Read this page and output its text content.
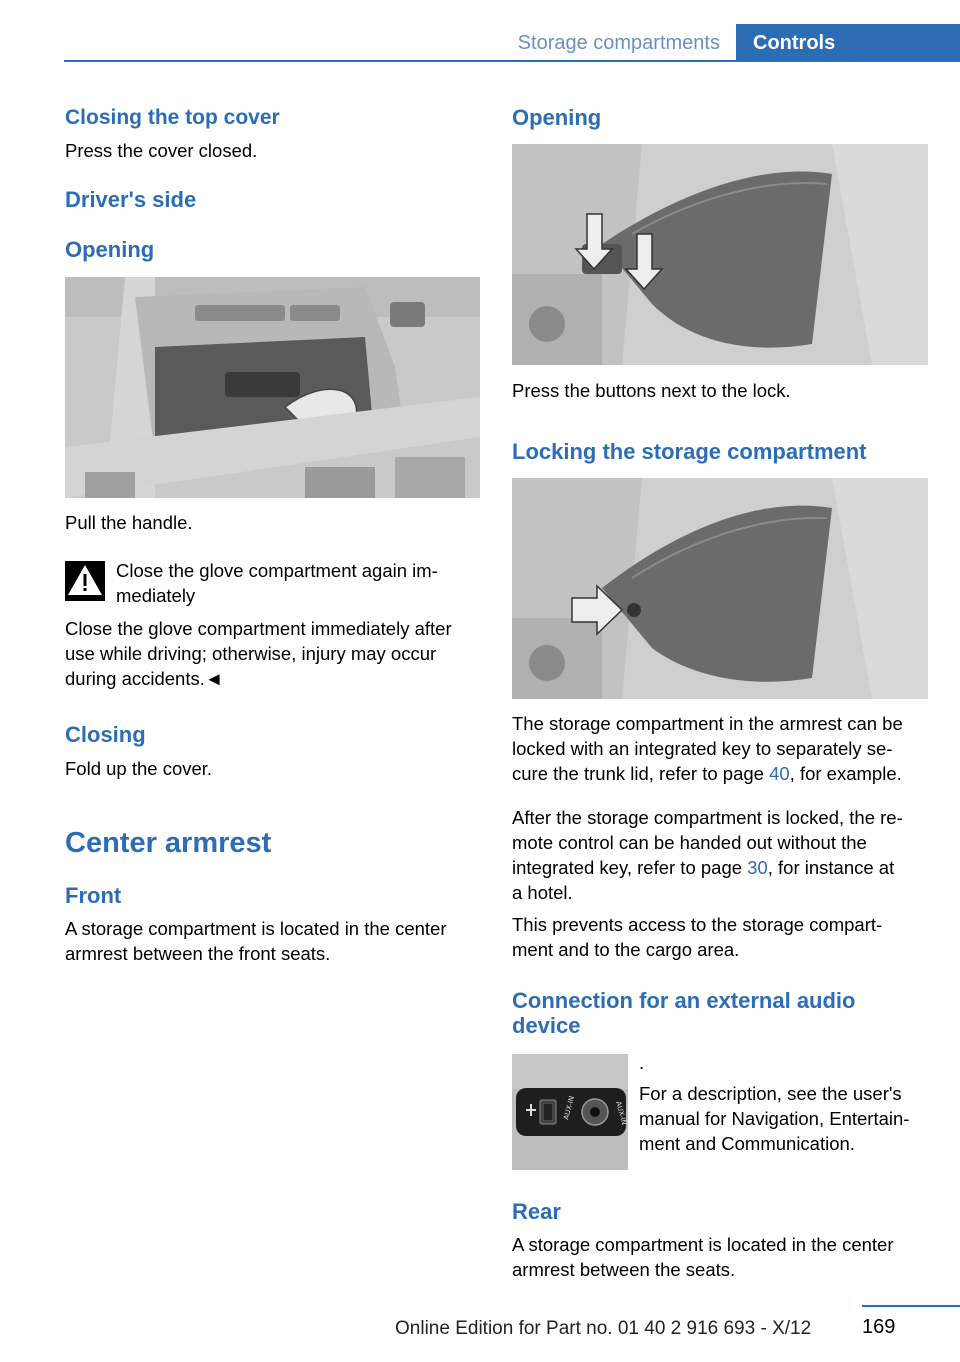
Storage compartments	Controls
Closing the top cover
Press the cover closed.
Driver's side
Opening
Pull the handle.
Close the glove compartment again im-
mediately
Close the glove compartment immediately after
use while driving; otherwise, injury may occur
during accidents.◄
Closing
Fold up the cover.
Center armrest
Front
A storage compartment is located in the center
armrest between the front seats.
Opening
Press the buttons next to the lock.
Locking the storage compartment
The storage compartment in the armrest can be
locked with an integrated key to separately se-
cure the trunk lid, refer to page 40, for example.
After the storage compartment is locked, the re-
mote control can be handed out without the
integrated key, refer to page 30, for instance at
a hotel.
This prevents access to the storage compart-
ment and to the cargo area.
Connection for an external audio
device
AUX-IN	AUX-IN
.
For a description, see the user's
manual for Navigation, Entertain-
ment and Communication.
Rear
A storage compartment is located in the center
armrest between the seats.
169
Online Edition for Part no. 01 40 2 916 693 - X/12
